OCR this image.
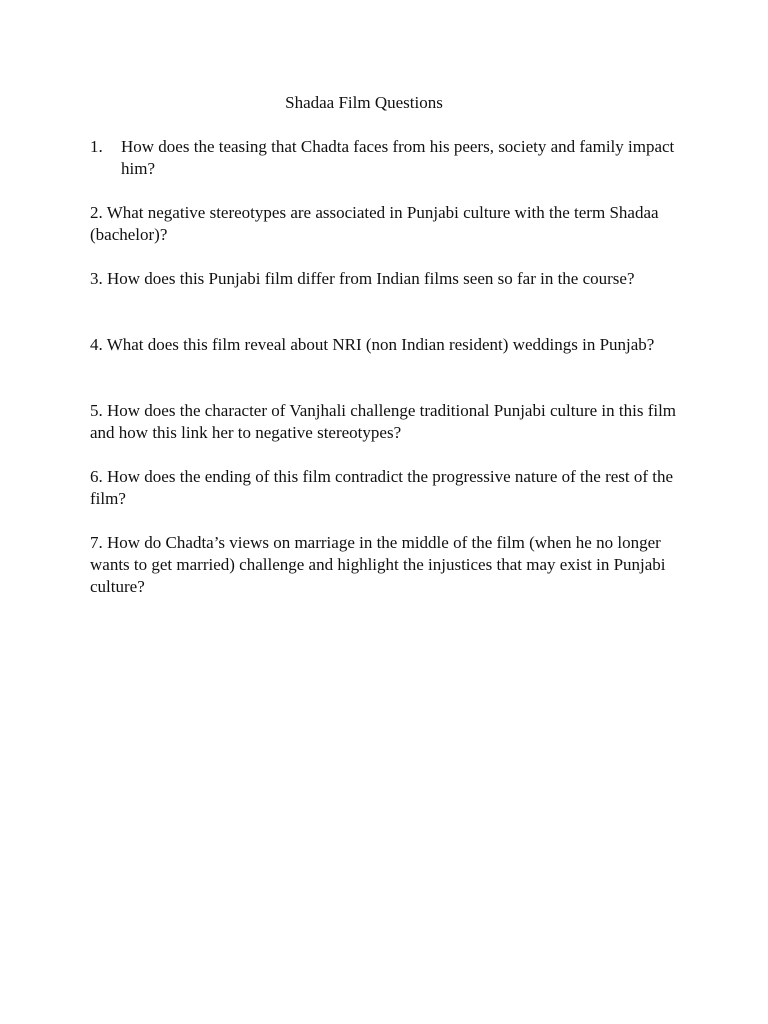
Shadaa Film Questions
1. How does the teasing that Chadta faces from his peers, society and family impact him?

2. What negative stereotypes are associated in Punjabi culture with the term Shadaa (bachelor)?

3. How does this Punjabi film differ from Indian films seen so far in the course?

4. What does this film reveal about NRI (non Indian resident) weddings in Punjab?

5. How does the character of Vanjhali challenge traditional Punjabi culture in this film and how this link her to negative stereotypes?

6. How does the ending of this film contradict the progressive nature of the rest of the film?

7. How do Chadta’s views on marriage in the middle of the film (when he no longer wants to get married) challenge and highlight the injustices that may exist in Punjabi culture?
